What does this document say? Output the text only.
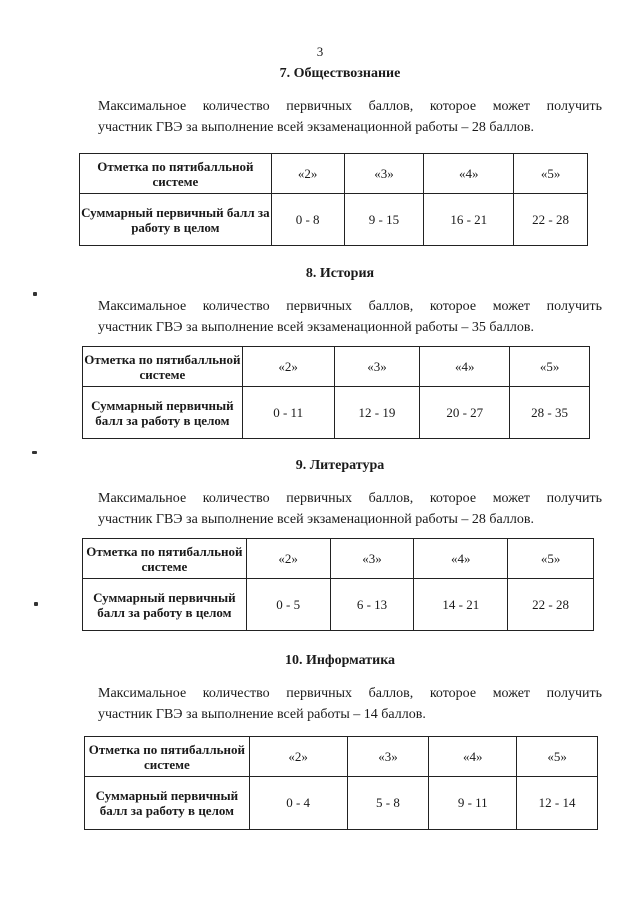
3

7. Обществознание

Максимальное количество первичных баллов, которое может получить
участник ГВЭ за выполнение всей экзаменационной работы – 28 баллов.
Отметка по пятибалльной системе	«2»	«3»	«4»	«5»
Суммарный первичный балл за работу в целом	0 - 8	9 - 15	16 - 21	22 - 28

8. История

Максимальное количество первичных баллов, которое может получить
участник ГВЭ за выполнение всей экзаменационной работы – 35 баллов.
Отметка по пятибалльной системе	«2»	«3»	«4»	«5»
Суммарный первичный балл за работу в целом	0 - 11	12 - 19	20 - 27	28 - 35

9. Литература

Максимальное количество первичных баллов, которое может получить
участник ГВЭ за выполнение всей экзаменационной работы – 28 баллов.
Отметка по пятибалльной системе	«2»	«3»	«4»	«5»
Суммарный первичный балл за работу в целом	0 - 5	6 - 13	14 - 21	22 - 28

10. Информатика

Максимальное количество первичных баллов, которое может получить
участник ГВЭ за выполнение всей работы – 14 баллов.
Отметка по пятибалльной системе	«2»	«3»	«4»	«5»
Суммарный первичный балл за работу в целом	0 - 4	5 - 8	9 - 11	12 - 14
